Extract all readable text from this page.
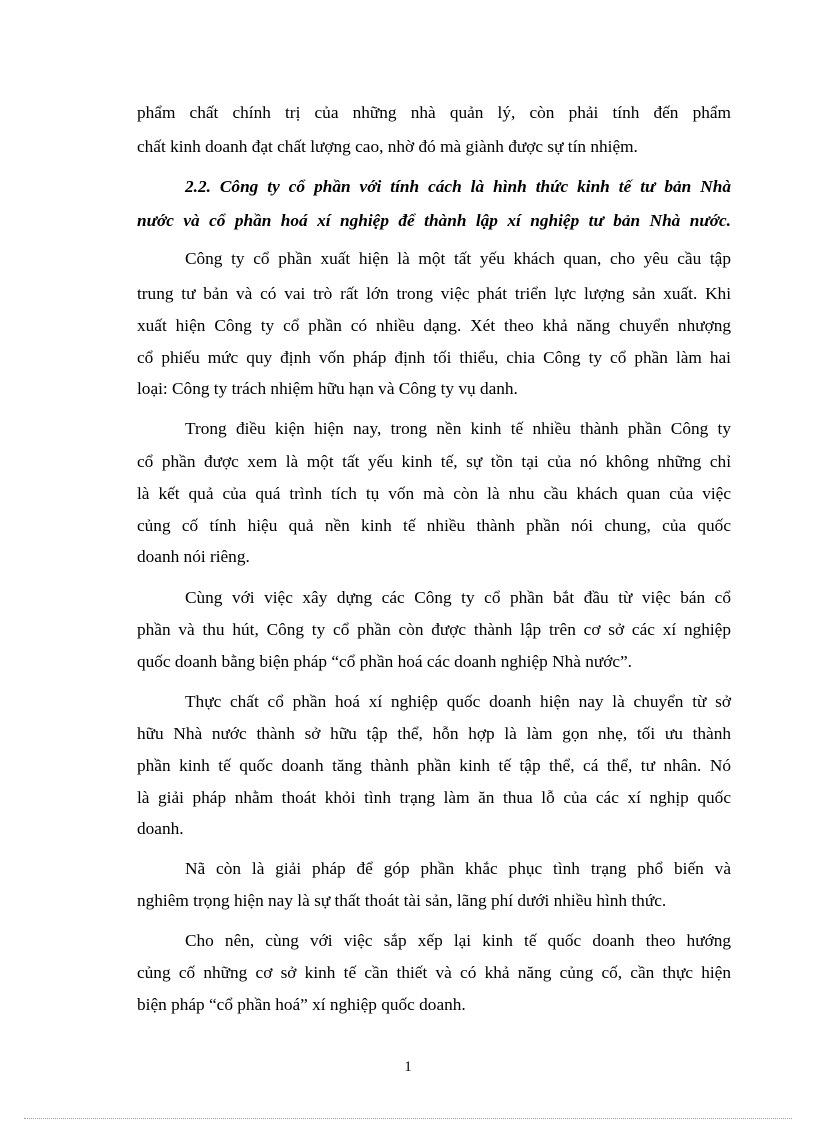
phẩm chất chính trị của những nhà quản lý, còn phải tính đến phẩm
chất kinh doanh đạt chất lượng cao, nhờ đó mà giành được sự tín nhiệm.
2.2. Công ty cổ phần với tính cách là hình thức kinh tế tư bản Nhà
nước và cổ phần hoá xí nghiệp để thành lập xí nghiệp tư bản Nhà nước.
Công ty cổ phần xuất hiện là một tất yếu khách quan, cho yêu cầu tập
trung tư bản và có vai trò rất lớn trong việc phát triển lực lượng sản xuất. Khi
xuất hiện Công ty cổ phần có nhiều dạng. Xét theo khả năng chuyển nhượng
cổ phiếu mức quy định vốn pháp định tối thiểu, chia Công ty cổ phần làm hai
loại: Công ty trách nhiệm hữu hạn và Công ty vụ danh.
Trong điều kiện hiện nay, trong nền kinh tế nhiều thành phần Công ty
cổ phần được xem là một tất yếu kinh tế, sự tồn tại của nó không những chỉ
là kết quả của quá trình tích tụ vốn mà còn là nhu cầu khách quan của việc
củng cố tính hiệu quả nền kinh tế nhiều thành phần nói chung, của quốc
doanh nói riêng.
Cùng với việc xây dựng các Công ty cổ phần bắt đầu từ việc bán cổ
phần và thu hút, Công ty cổ phần còn được thành lập trên cơ sở các xí nghiệp
quốc doanh bằng biện pháp “cổ phần hoá các doanh nghiệp Nhà nước”.
Thực chất cổ phần hoá xí nghiệp quốc doanh hiện nay là chuyển từ sở
hữu Nhà nước thành sở hữu tập thể, hỗn hợp là làm gọn nhẹ, tối ưu thành
phần kinh tế quốc doanh tăng thành phần kinh tế tập thể, cá thể, tư nhân. Nó
là giải pháp nhằm thoát khỏi tình trạng làm ăn thua lỗ của các xí nghịp quốc
doanh.
Nã còn là giải pháp để góp phần khắc phục tình trạng phổ biến và
nghiêm trọng hiện nay là sự thất thoát tài sản, lãng phí dưới nhiều hình thức.
Cho nên, cùng với việc sắp xếp lại kinh tế quốc doanh theo hướng
củng cố những cơ sở kinh tế cần thiết và có khả năng củng cố, cần thực hiện
biện pháp “cổ phần hoá” xí nghiệp quốc doanh.
1
